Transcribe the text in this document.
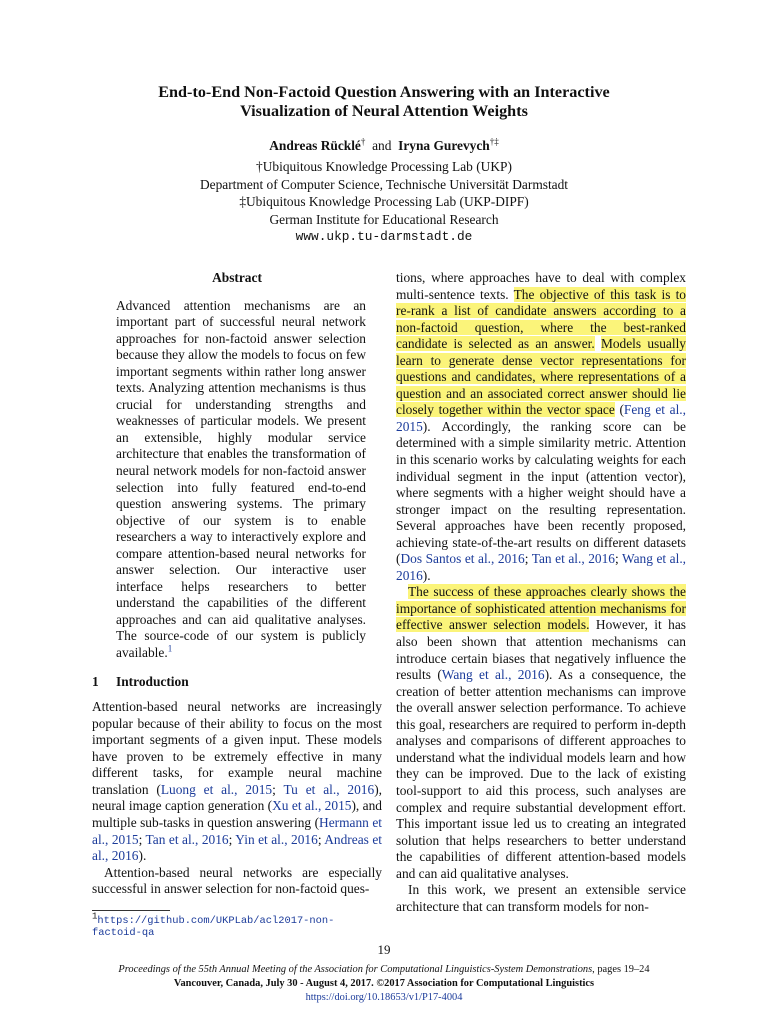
End-to-End Non-Factoid Question Answering with an Interactive
Visualization of Neural Attention Weights
Andreas Rücklé† and Iryna Gurevych†‡
†Ubiquitous Knowledge Processing Lab (UKP)
Department of Computer Science, Technische Universität Darmstadt
‡Ubiquitous Knowledge Processing Lab (UKP-DIPF)
German Institute for Educational Research
www.ukp.tu-darmstadt.de
Abstract
Advanced attention mechanisms are an important part of successful neural network approaches for non-factoid answer selection because they allow the models to focus on few important segments within rather long answer texts. Analyzing attention mechanisms is thus crucial for understanding strengths and weaknesses of particular models. We present an extensible, highly modular service architecture that enables the transformation of neural network models for non-factoid answer selection into fully featured end-to-end question answering systems. The primary objective of our system is to enable researchers a way to interactively explore and compare attention-based neural networks for answer selection. Our interactive user interface helps researchers to better understand the capabilities of the different approaches and can aid qualitative analyses. The source-code of our system is publicly available.$^1$
1 Introduction

Attention-based neural networks are increasingly popular because of their ability to focus on the most important segments of a given input. These models have proven to be extremely effective in many different tasks, for example neural machine translation (Luong et al., 2015; Tu et al., 2016), neural image caption generation (Xu et al., 2015), and multiple sub-tasks in question answering (Hermann et al., 2015; Tan et al., 2016; Yin et al., 2016; Andreas et al., 2016).

Attention-based neural networks are especially successful in answer selection for non-factoid ques-

$^1$https://github.com/UKPLab/acl2017-non-factoid-qa

tions, where approaches have to deal with complex multi-sentence texts. The objective of this task is to re-rank a list of candidate answers according to a non-factoid question, where the best-ranked candidate is selected as an answer. Models usually learn to generate dense vector representations for questions and candidates, where representations of a question and an associated correct answer should lie closely together within the vector space (Feng et al., 2015). Accordingly, the ranking score can be determined with a simple similarity metric. Attention in this scenario works by calculating weights for each individual segment in the input (attention vector), where segments with a higher weight should have a stronger impact on the resulting representation. Several approaches have been recently proposed, achieving state-of-the-art results on different datasets (Dos Santos et al., 2016; Tan et al., 2016; Wang et al., 2016).

The success of these approaches clearly shows the importance of sophisticated attention mechanisms for effective answer selection models. However, it has also been shown that attention mechanisms can introduce certain biases that negatively influence the results (Wang et al., 2016). As a consequence, the creation of better attention mechanisms can improve the overall answer selection performance. To achieve this goal, researchers are required to perform in-depth analyses and comparisons of different approaches to understand what the individual models learn and how they can be improved. Due to the lack of existing tool-support to aid this process, such analyses are complex and require substantial development effort. This important issue led us to creating an integrated solution that helps researchers to better understand the capabilities of different attention-based models and can aid qualitative analyses.

In this work, we present an extensible service architecture that can transform models for non-

19
Proceedings of the 55th Annual Meeting of the Association for Computational Linguistics-System Demonstrations, pages 19–24
Vancouver, Canada, July 30 - August 4, 2017. ©2017 Association for Computational Linguistics
https://doi.org/10.18653/v1/P17-4004
